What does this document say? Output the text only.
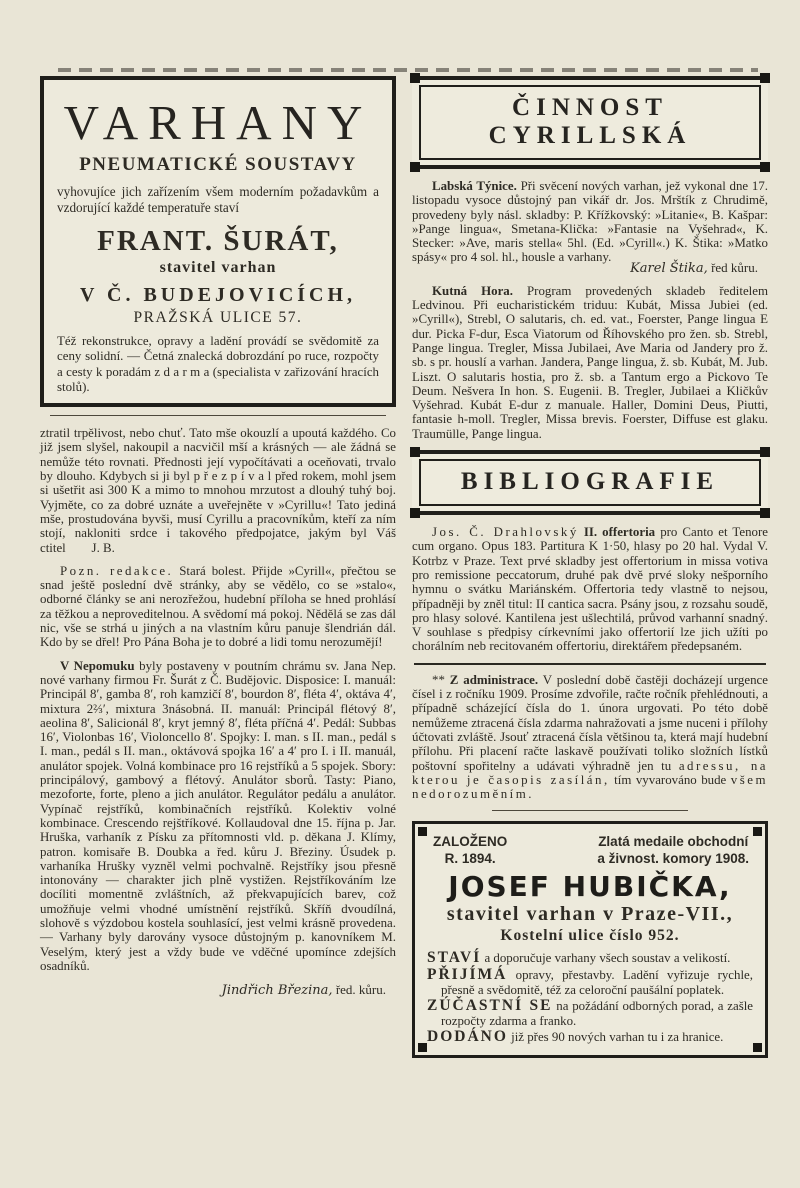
VARHANY
PNEUMATICKÉ SOUSTAVY
vyhovujíce jich zařízením všem moderním požadavkům a vzdorující každé temperatuře staví
FRANT. ŠURÁT,
stavitel varhan
V Č. BUDEJOVICÍCH,
PRAŽSKÁ ULICE 57.
Též rekonstrukce, opravy a ladění provádí se svědomitě za ceny solidní. — Četná znalecká dobrozdání po ruce, rozpočty a cesty k poradám z d a r m a (specialista v zařizování hracích stolů).

ztratil trpělivost, nebo chuť. Tato mše okouzlí a upoutá každého. Co již jsem slyšel, nakoupil a nacvičil mší a krásných — ale žádná se nemůže této rovnati. Přednosti její vypočítávati a oceňovati, trvalo by dlouho. Kdybych si ji byl p ř e z p í v a l před rokem, mohl jsem si ušetřit asi 300 K a mimo to mnohou mrzutost a dlouhý tuhý boj. Vyjměte, co za dobré uznáte a uveřejněte v »Cyrillu«! Tato jediná mše, prostudována byvši, musí Cyrillu a pracovníkům, kteří za ním stojí, nakloniti srdce i takového předpojatce, jakým byl Váš ctitel  J. B.

Pozn. redakce. Stará bolest. Přijde »Cyrill«, přečtou se snad ještě poslední dvě stránky, aby se vědělo, co se »stalo«, odborné články se ani nerozřežou, hudební příloha se hned prohlásí za těžkou a neproveditelnou. A svědomí má pokoj. Nědělá se zas dál nic, vše se strhá u jiných a na vlastním kůru panuje šlendrián dál. Kdo by se dřel! Pro Pána Boha je to dobré a lidi tomu nerozumějí!

V Nepomuku byly postaveny v poutním chrámu sv. Jana Nep. nové varhany firmou Fr. Šurát z Č. Budějovic. Disposice: I. manuál: Principál 8′, gamba 8′, roh kamzičí 8′, bourdon 8′, fléta 4′, oktáva 4′, mixtura 2⅔′, mixtura 3násobná. II. manuál: Principál flétový 8′, aeolina 8′, Salicionál 8′, kryt jemný 8′, fléta příčná 4′. Pedál: Subbas 16′, Violonbas 16′, Violoncello 8′. Spojky: I. man. s II. man., pedál s I. man., pedál s II. man., oktávová spojka 16′ a 4′ pro I. i II. manuál, anulátor spojek. Volná kombinace pro 16 rejstříků a 5 spojek. Sbory: principálový, gambový a flétový. Anulátor sborů. Tasty: Piano, mezoforte, forte, pleno a jich anulátor. Regulátor pedálu a anulátor. Vypínač rejstříků, kombinačních rejstříků. Kolektiv volné kombinace. Crescendo rejštříkové. Kollaudoval dne 15. října p. Jar. Hruška, varhaník z Písku za přítomnosti vld. p. děkana J. Klímy, patron. komisaře B. Doubka a řed. kůru J. Březiny. Úsudek p. varhaníka Hrušky vyzněl velmi pochvalně. Rejstříky jsou přesně intonovány — charakter jich plně vystižen. Rejstříkováním lze docíliti momentně zvláštních, až překvapujících barev, což umožňuje velmi vhodné umístnění rejstříků. Skříň dvoudílná, slohově s výzdobou kostela souhlasící, jest velmi krásně provedena. — Varhany byly darovány vysoce důstojným p. kanovníkem M. Veselým, který jest a vždy bude ve vděčné upomínce zdejších osadníků.

Jindřich Březina, řed. kůru.
ČINNOST CYRILLSKÁ

Labská Týnice. Při svěcení nových varhan, jež vykonal dne 17. listopadu vysoce důstojný pan vikář dr. Jos. Mrštík z Chrudimě, provedeny byly násl. skladby: P. Křížkovský: »Litanie«, B. Kašpar: »Pange lingua«, Smetana-Klička: »Fantasie na Vyšehrad«, K. Stecker: »Ave, maris stella« 5hl. (Ed. »Cyrill«.) K. Štika: »Matko spásy« pro 4 sol. hl., housle a varhany.

Karel Štika, řed kůru.

Kutná Hora. Program provedených skladeb ředitelem Ledvinou. Při eucharistickém triduu: Kubát, Missa Jubiei (ed. »Cyrill«), Strebl, O salutaris, ch. ed. vat., Foerster, Pange lingua E dur. Picka F-dur, Esca Viatorum od Říhovského pro žen. sb. Strebl, Pange lingua. Tregler, Missa Jubilaei, Ave Maria od Jandery pro ž. sb. s pr. houslí a varhan. Jandera, Pange lingua, ž. sb. Kubát, M. Jub. Liszt. O salutaris hostia, pro ž. sb. a Tantum ergo a Pickovo Te Deum. Nešvera In hon. S. Eugenii. B. Tregler, Jubilaei a Kličkův Vyšehrad. Kubát E-dur z manuale. Haller, Domini Deus, Piutti, fantasie h-moll. Tregler, Missa brevis. Foerster, Diffuse est glaku. Traumülle, Pange lingua.

BIBLIOGRAFIE

Jos. Č. Drahlovský II. offertoria pro Canto et Tenore cum organo. Opus 183. Partitura K 1·50, hlasy po 20 hal. Vydal V. Kotrbz v Praze. Text prvé skladby jest offertorium in missa votiva pro remissione peccatorum, druhé pak dvě prvé sloky nešporního hymnu o svátku Mariánském. Offertoria tedy vlastně to nejsou, případněji by zněl titul: II cantica sacra. Psány jsou, z rozsahu soudě, pro hlasy solové. Kantilena jest ušlechtilá, průvod varhanní snadný. V souhlase s předpisy církevními jako offertorií lze jich užíti po chorálním neb recitovaném offertoriu, direktářem předepsaném.

** Z administrace. V poslední době častěji docházejí urgence čísel i z ročníku 1909. Prosíme zdvořile, račte ročník přehlédnouti, a případně scházející čísla do 1. února urgovati. Po této době nemůžeme ztracená čísla zdarma nahražovati a jsme nuceni i přílohy účtovati zvláště. Jsouť ztracená čísla většinou ta, která mají hudební přílohu. Při placení račte laskavě používati toliko složních lístků poštovní spořitelny a udávati výhradně jen tu adressu, na kterou je časopis zasílán, tím vyvarováno bude všem nedorozuměním.

ZALOŽENO
R. 1894.
Zlatá medaile obchodní
a živnost. komory 1908.
JOSEF HUBIČKA,
stavitel varhan v Praze-VII.,
Kostelní ulice číslo 952.

STAVÍ a doporučuje varhany všech soustav a velikostí.

PŘIJÍMÁ opravy, přestavby. Ladění vyřizuje rychle, přesně a svědomitě, též za celoroční paušální poplatek.

ZÚČASTNÍ SE na požádání odborných porad, a zašle rozpočty zdarma a franko.

DODÁNO již přes 90 nových varhan tu i za hranice.
